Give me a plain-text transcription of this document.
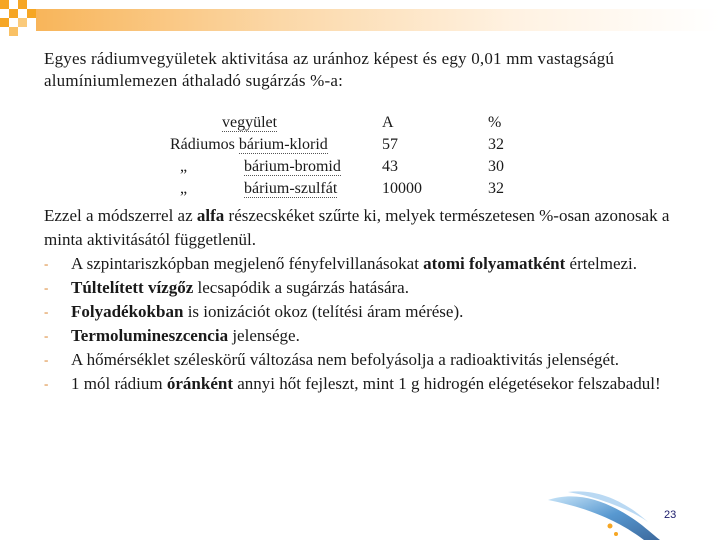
Egyes rádiumvegyületek aktivitása az uránhoz képest és egy 0,01 mm vastagságú alumíniumlemezen áthaladó sugárzás %-a:
vegyület	A	%
Rádiumos bárium-klorid	57	32
„	bárium-bromid	43	30
„	bárium-szulfát	10000	32

Ezzel a módszerrel az alfa részecskéket szűrte ki, melyek természetesen %-osan azonosak a minta aktivitásától függetlenül.

- A szpintariszkópban megjelenő fényfelvillanásokat atomi folyamatként értelmezi.
- Túltelített vízgőz lecsapódik a sugárzás hatására.
- Folyadékokban is ionizációt okoz (telítési áram mérése).
- Termolumineszcencia jelensége.
- A hőmérséklet széleskörű változása nem befolyásolja a radioaktivitás jelenségét.
- 1 mól rádium óránként annyi hőt fejleszt, mint 1 g hidrogén elégetésekor felszabadul!
23
